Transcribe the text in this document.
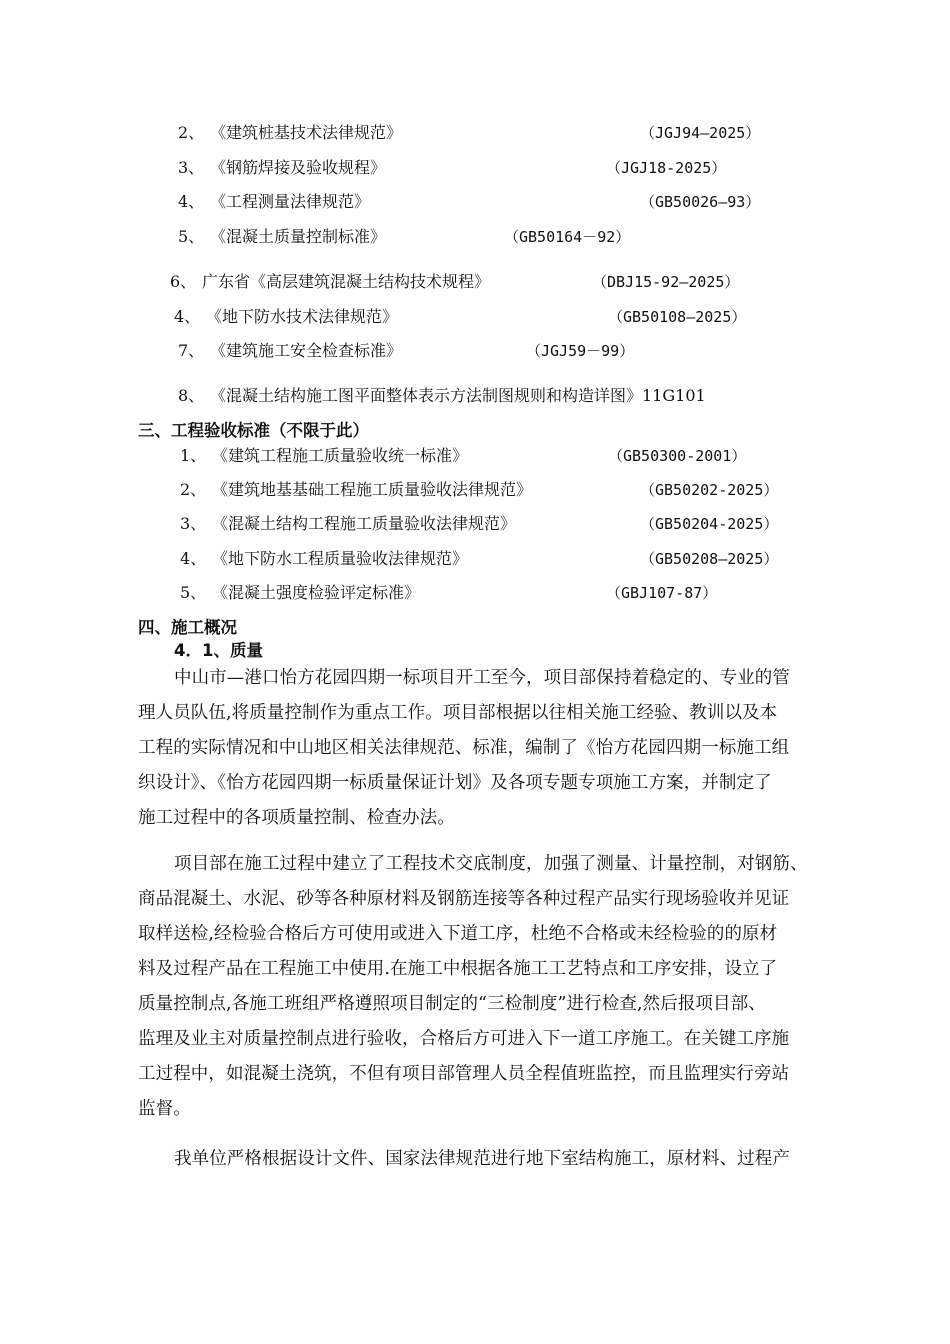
2、 《建筑桩基技术法律规范》	（JGJ94—2025）
3、 《钢筋焊接及验收规程》	（JGJ18-2025）
4、 《工程测量法律规范》	（GB50026—93）
5、 《混凝土质量控制标准》	（GB50164－92）
6、 广东省《高层建筑混凝土结构技术规程》	（DBJ15-92—2025）
4、 《地下防水技术法律规范》	（GB50108—2025）
7、 《建筑施工安全检查标准》	（JGJ59－99）
8、 《混凝土结构施工图平面整体表示方法制图规则和构造详图》11G101
三、工程验收标准（不限于此）
1、 《建筑工程施工质量验收统一标准》	（GB50300-2001）
2、 《建筑地基基础工程施工质量验收法律规范》	（GB50202-2025）
3、 《混凝土结构工程施工质量验收法律规范》	（GB50204-2025）
4、 《地下防水工程质量验收法律规范》	（GB50208—2025）
5、 《混凝土强度检验评定标准》	（GBJ107-87）
四、施工概况
4．1、质量
中山市—港口怡方花园四期一标项目开工至今，项目部保持着稳定的、专业的管
理人员队伍,将质量控制作为重点工作。项目部根据以往相关施工经验、教训以及本
工程的实际情况和中山地区相关法律规范、标准，编制了《怡方花园四期一标施工组
织设计》、《怡方花园四期一标质量保证计划》及各项专题专项施工方案，并制定了
施工过程中的各项质量控制、检查办法。
项目部在施工过程中建立了工程技术交底制度，加强了测量、计量控制，对钢筋、
商品混凝土、水泥、砂等各种原材料及钢筋连接等各种过程产品实行现场验收并见证
取样送检,经检验合格后方可使用或进入下道工序，杜绝不合格或未经检验的的原材
料及过程产品在工程施工中使用.在施工中根据各施工工艺特点和工序安排，设立了
质量控制点,各施工班组严格遵照项目制定的“三检制度”进行检查,然后报项目部、
监理及业主对质量控制点进行验收，合格后方可进入下一道工序施工。在关键工序施
工过程中，如混凝土浇筑，不但有项目部管理人员全程值班监控，而且监理实行旁站
监督。
我单位严格根据设计文件、国家法律规范进行地下室结构施工，原材料、过程产
